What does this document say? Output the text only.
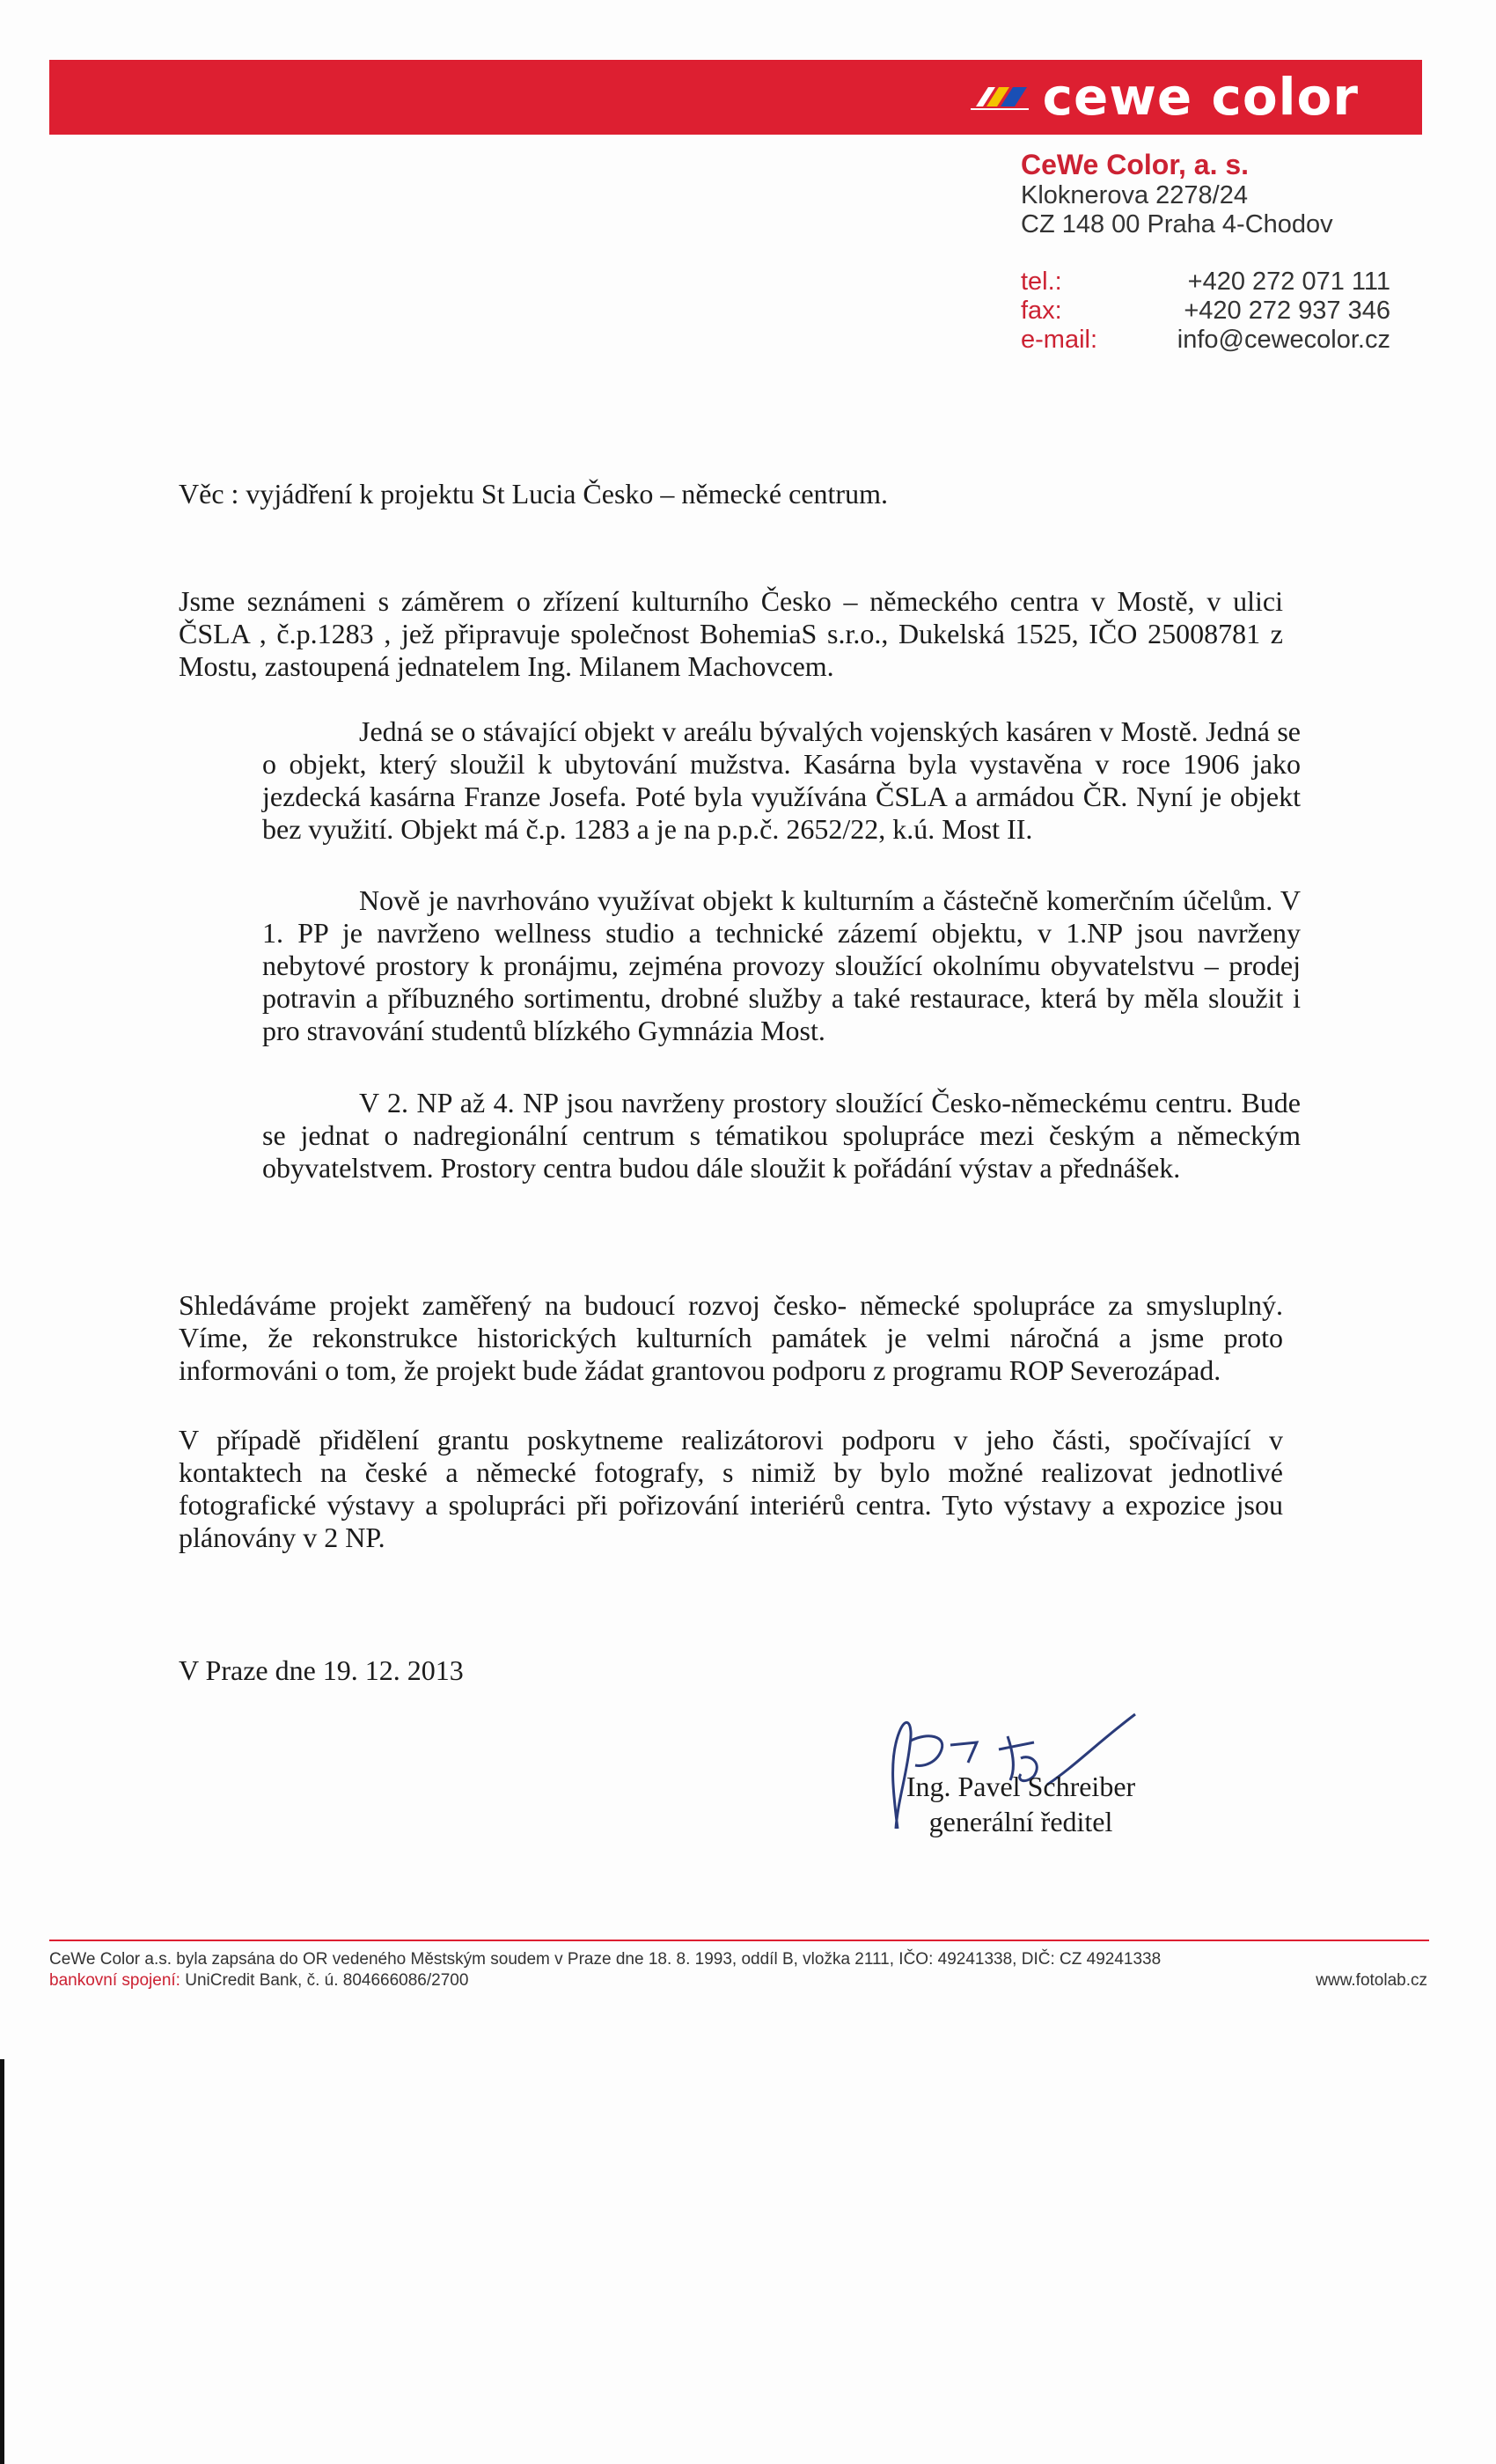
cewe color
CeWe Color, a. s.
Kloknerova 2278/24
CZ 148 00 Praha 4-Chodov
tel.:	+420 272 071 111
fax:	+420 272 937 346
e-mail:	info@cewecolor.cz
Věc : vyjádření k projektu St Lucia Česko – německé centrum.
Jsme seznámeni s záměrem o zřízení kulturního Česko – německého centra v Mostě, v ulici ČSLA , č.p.1283 , jež připravuje společnost BohemiaS s.r.o., Dukelská 1525, IČO 25008781 z Mostu, zastoupená jednatelem Ing. Milanem Machovcem.
Jedná se o stávající objekt v areálu bývalých vojenských kasáren v Mostě. Jedná se o objekt, který sloužil k ubytování mužstva. Kasárna byla vystavěna v roce 1906 jako jezdecká kasárna Franze Josefa. Poté byla využívána ČSLA a armádou ČR. Nyní je objekt bez využití. Objekt má č.p. 1283 a je na p.p.č. 2652/22, k.ú. Most II.
Nově je navrhováno využívat objekt k kulturním a částečně komerčním účelům. V 1. PP je navrženo wellness studio a technické zázemí objektu, v 1.NP jsou navrženy nebytové prostory k pronájmu, zejména provozy sloužící okolnímu obyvatelstvu – prodej potravin a příbuzného sortimentu, drobné služby a také restaurace, která by měla sloužit i pro stravování studentů blízkého Gymnázia Most.
V 2. NP až 4. NP jsou navrženy prostory sloužící Česko-německému centru. Bude se jednat o nadregionální centrum s tématikou spolupráce mezi českým a německým obyvatelstvem. Prostory centra budou dále sloužit k pořádání výstav a přednášek.
Shledáváme projekt zaměřený na budoucí rozvoj česko- německé spolupráce za smysluplný. Víme, že rekonstrukce historických kulturních památek je velmi náročná a jsme proto informováni o tom, že projekt bude žádat grantovou podporu z programu ROP Severozápad.
V případě přidělení grantu poskytneme realizátorovi podporu v jeho části, spočívající v kontaktech na české a německé fotografy, s nimiž by bylo možné realizovat jednotlivé fotografické výstavy a spolupráci při pořizování interiérů centra. Tyto výstavy a expozice jsou plánovány v 2 NP.
V Praze dne 19. 12. 2013
Ing. Pavel Schreiber
generální ředitel
CeWe Color a.s. byla zapsána do OR vedeného Městským soudem v Praze dne 18. 8. 1993, oddíl B, vložka 2111, IČO: 49241338, DIČ: CZ 49241338
bankovní spojení: UniCredit Bank, č. ú. 804666086/2700	www.fotolab.cz
